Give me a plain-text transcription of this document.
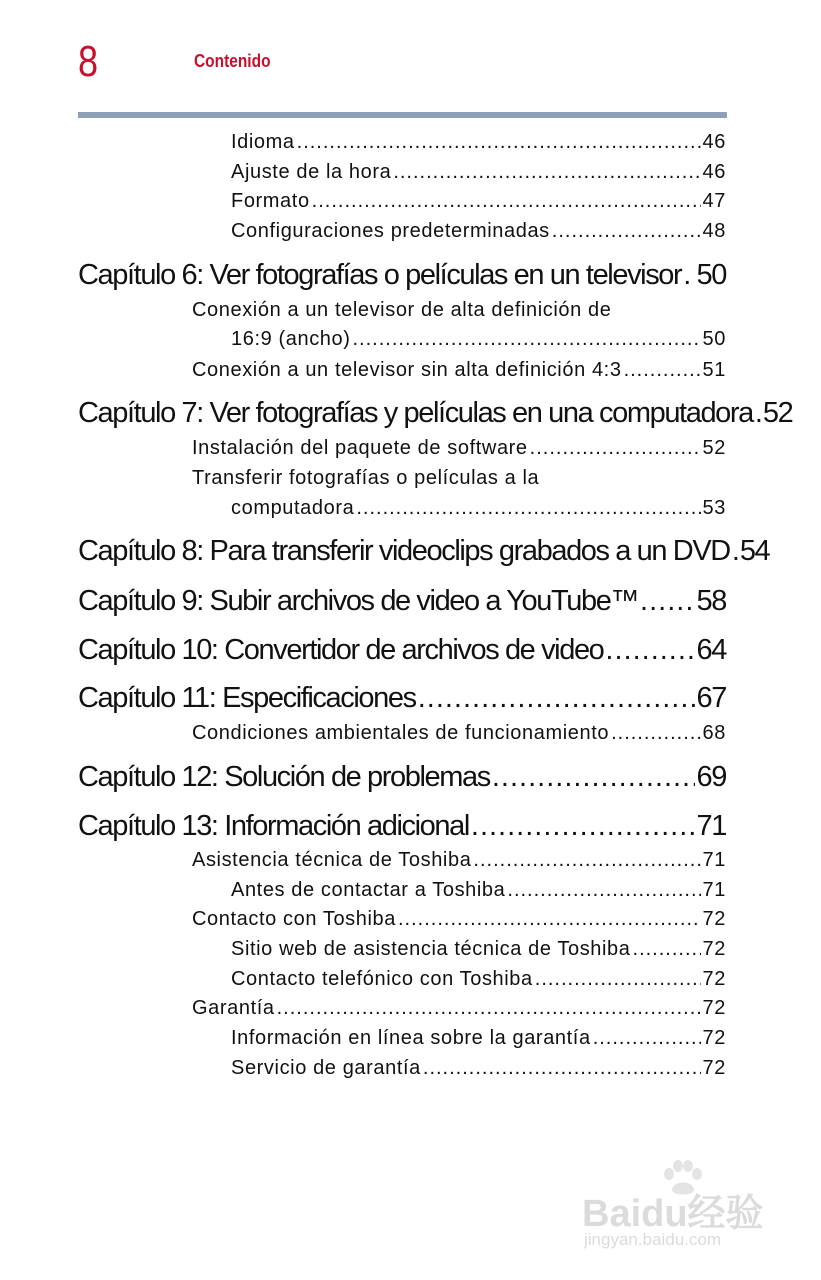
8	Contenido
Idioma .....	46
Ajuste de la hora .....	46
Formato .....	47
Configuraciones predeterminadas .....	48
Capítulo 6: Ver fotografías o películas en un televisor ..... 50
Conexión a un televisor de alta definición de
16:9 (ancho) .....	50
Conexión a un televisor sin alta definición 4:3 .....	51
Capítulo 7: Ver fotografías y películas en una computadora ..... 52
Instalación del paquete de software .....	52
Transferir fotografías o películas a la
computadora .....	53
Capítulo 8: Para transferir videoclips grabados a un DVD ..... 54
Capítulo 9: Subir archivos de video a YouTube™ ..... 58
Capítulo 10: Convertidor de archivos de video .....	64
Capítulo 11: Especificaciones .....	67
Condiciones ambientales de funcionamiento .....	68
Capítulo 12: Solución de problemas .....	69
Capítulo 13: Información adicional .....	71
Asistencia técnica de Toshiba .....	71
Antes de contactar a Toshiba .....	71
Contacto con Toshiba .....	72
Sitio web de asistencia técnica de Toshiba .....	72
Contacto telefónico con Toshiba .....	72
Garantía .....	72
Información en línea sobre la garantía .....	72
Servicio de garantía .....	72
Baidu经验
jingyan.baidu.com
